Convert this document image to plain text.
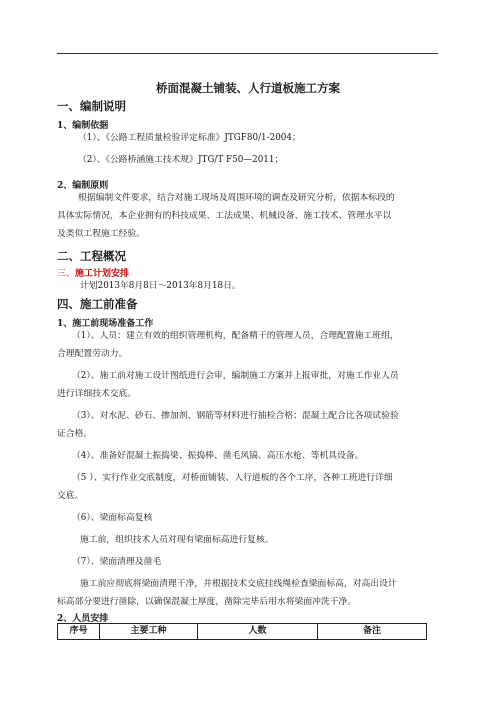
桥面混凝土铺装、人行道板施工方案
一、编制说明
1、编制依据
（1）、《公路工程质量检验评定标准》JTGF80/1-2004；
（2）、《公路桥涵施工技术规》JTG/T F50—2011；
2、编制原则
根据编制文件要求，结合对施工现场及周围环境的调查及研究分析，依据本标段的
具体实际情况，本企业拥有的科技成果、工法成果、机械设备、施工技术、管理水平以
及类似工程施工经验。
二、工程概况
三、施工计划安排
计划2013年8月8日～2013年8月18日。
四、施工前准备
1、施工前现场准备工作
（1）、人员：建立有效的组织管理机构，配备精干的管理人员，合理配置施工班组，
合理配置劳动力。
（2）、施工前对施工设计图纸进行会审，编制施工方案并上报审批，对施工作业人员
进行详细技术交底。
（3）、对水泥、砂石、掺加剂、钢筋等材料进行抽检合格；混凝土配合比各项试验验
证合格。
（4）、准备好混凝土振捣梁、振捣棒、凿毛风镐、高压水枪、等机具设备。
（5 ）、实行作业交底制度，对桥面铺装、人行道板的各个工序，各种工班进行详细
交底。
（6）、梁面标高复核
施工前，组织技术人员对现有梁面标高进行复核。
（7）、梁面清理及凿毛
施工前应彻底将梁面清理干净，并根据技术交底挂线绳检查梁面标高，对高出设计
标高部分要进行凿除，以确保混凝土厚度，凿除完毕后用水将梁面冲洗干净。
2、人员安排
序号	主要工种	人数	备注
